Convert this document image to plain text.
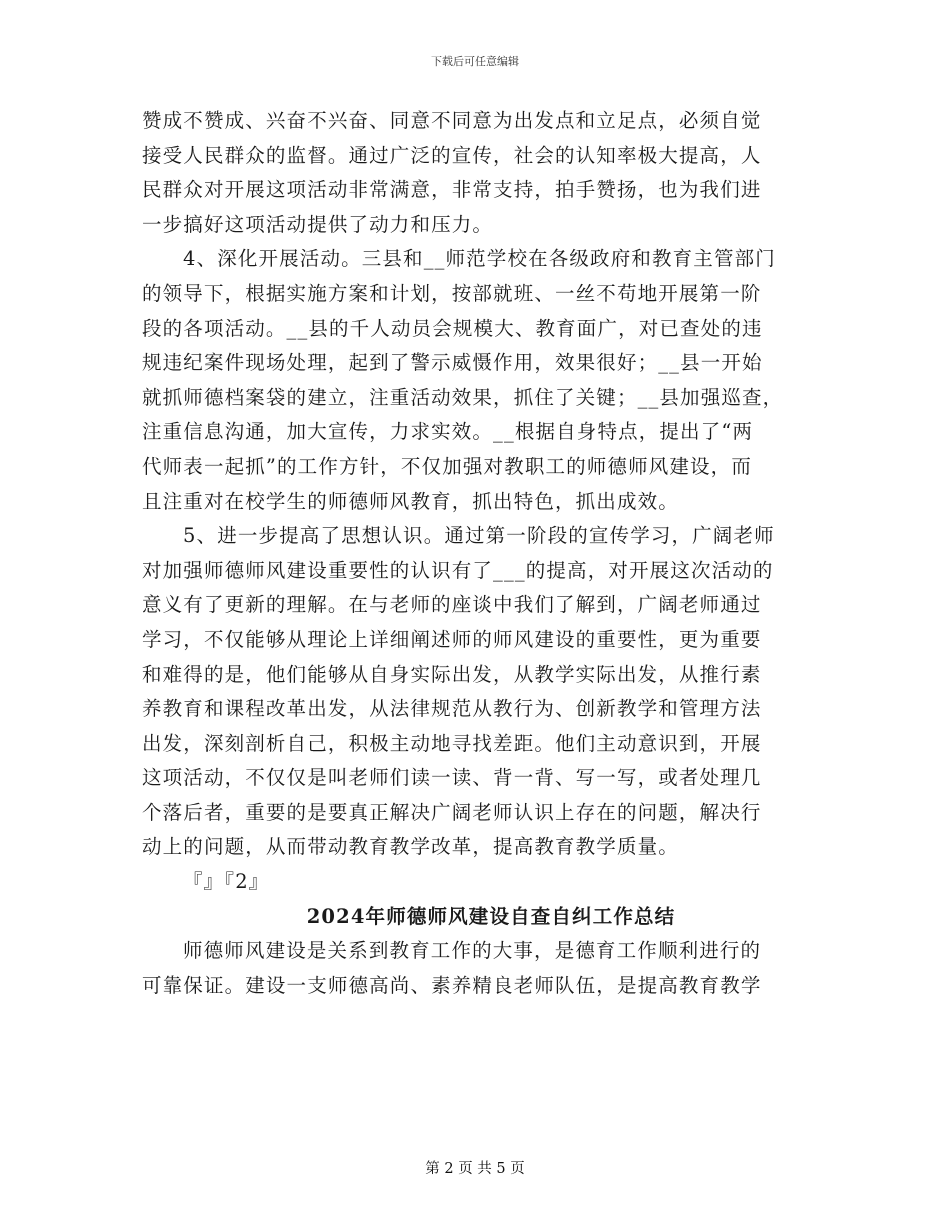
下载后可任意编辑
赞成不赞成、兴奋不兴奋、同意不同意为出发点和立足点，必须自觉
接受人民群众的监督。通过广泛的宣传，社会的认知率极大提高，人
民群众对开展这项活动非常满意，非常支持，拍手赞扬，也为我们进
一步搞好这项活动提供了动力和压力。
4、深化开展活动。三县和__师范学校在各级政府和教育主管部门
的领导下，根据实施方案和计划，按部就班、一丝不苟地开展第一阶
段的各项活动。__县的千人动员会规模大、教育面广，对已查处的违
规违纪案件现场处理，起到了警示威慑作用，效果很好；__县一开始
就抓师德档案袋的建立，注重活动效果，抓住了关键；__县加强巡查，
注重信息沟通，加大宣传，力求实效。__根据自身特点，提出了“两
代师表一起抓”的工作方针，不仅加强对教职工的师德师风建设，而
且注重对在校学生的师德师风教育，抓出特色，抓出成效。
5、进一步提高了思想认识。通过第一阶段的宣传学习，广阔老师
对加强师德师风建设重要性的认识有了___的提高，对开展这次活动的
意义有了更新的理解。在与老师的座谈中我们了解到，广阔老师通过
学习，不仅能够从理论上详细阐述师的师风建设的重要性，更为重要
和难得的是，他们能够从自身实际出发，从教学实际出发，从推行素
养教育和课程改革出发，从法律规范从教行为、创新教学和管理方法
出发，深刻剖析自己，积极主动地寻找差距。他们主动意识到，开展
这项活动，不仅仅是叫老师们读一读、背一背、写一写，或者处理几
个落后者，重要的是要真正解决广阔老师认识上存在的问题，解决行
动上的问题，从而带动教育教学改革，提高教育教学质量。
『』『2』
2024年师德师风建设自查自纠工作总结
师德师风建设是关系到教育工作的大事，是德育工作顺利进行的
可靠保证。建设一支师德高尚、素养精良老师队伍，是提高教育教学
第 2 页 共 5 页
